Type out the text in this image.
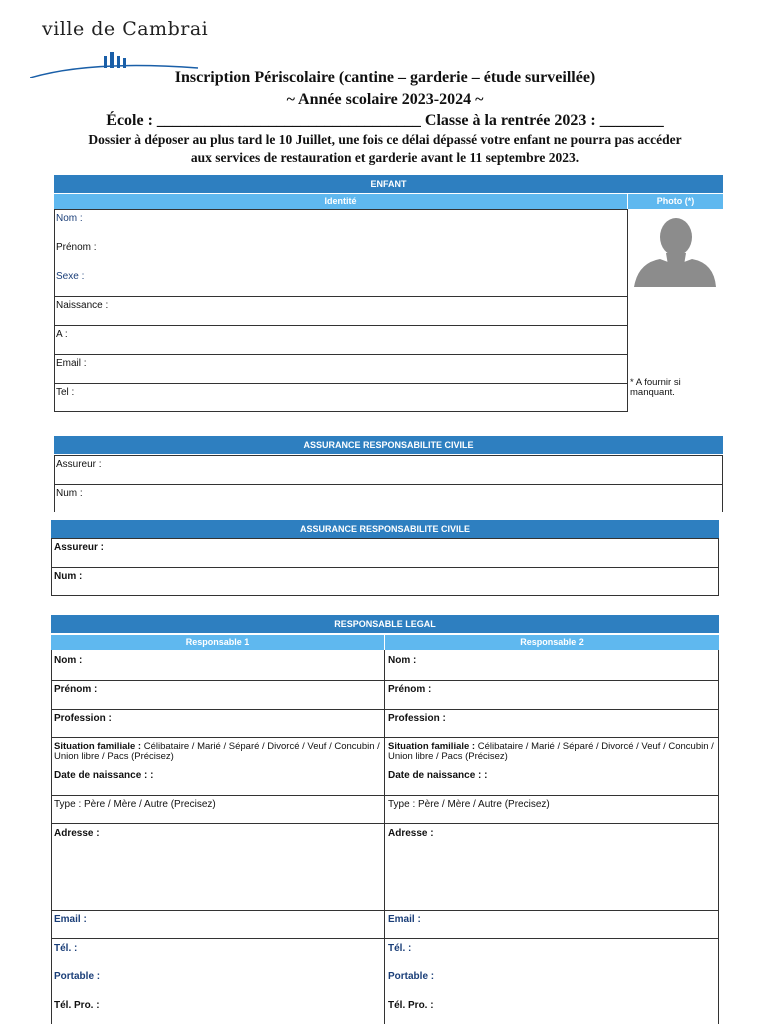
ville de Cambrai
Inscription Périscolaire (cantine – garderie – étude surveillée)
~ Année scolaire 2023-2024 ~
École : _________________________________ Classe à la rentrée 2023 : ________
Dossier à déposer au plus tard le 10 Juillet, une fois ce délai dépassé votre enfant ne pourra pas accéder
aux services de restauration et garderie avant le 11 septembre 2023.
ENFANT
Identité	Photo (*)
Nom :
Prénom :
Sexe :
Naissance :
A :
Email :
Tel :
* A fournir si
manquant.
ASSURANCE RESPONSABILITE CIVILE
Assureur :
Num :
ASSURANCE RESPONSABILITE CIVILE
Assureur :
Num :
RESPONSABLE LEGAL
Responsable 1	Responsable 2
Nom :
Prénom :
Profession :
Situation familiale : Célibataire / Marié / Séparé / Divorcé / Veuf / Concubin / Union libre / Pacs (Précisez)
Date de naissance : :
Type : Père / Mère / Autre (Precisez)
Adresse :
Email :
Tél. :
Portable :
Tél. Pro. :
Nom :
Prénom :
Profession :
Situation familiale : Célibataire / Marié / Séparé / Divorcé / Veuf / Concubin / Union libre / Pacs (Précisez)
Date de naissance : :
Type : Père / Mère / Autre (Precisez)
Adresse :
Email :
Tél. :
Portable :
Tél. Pro. :
